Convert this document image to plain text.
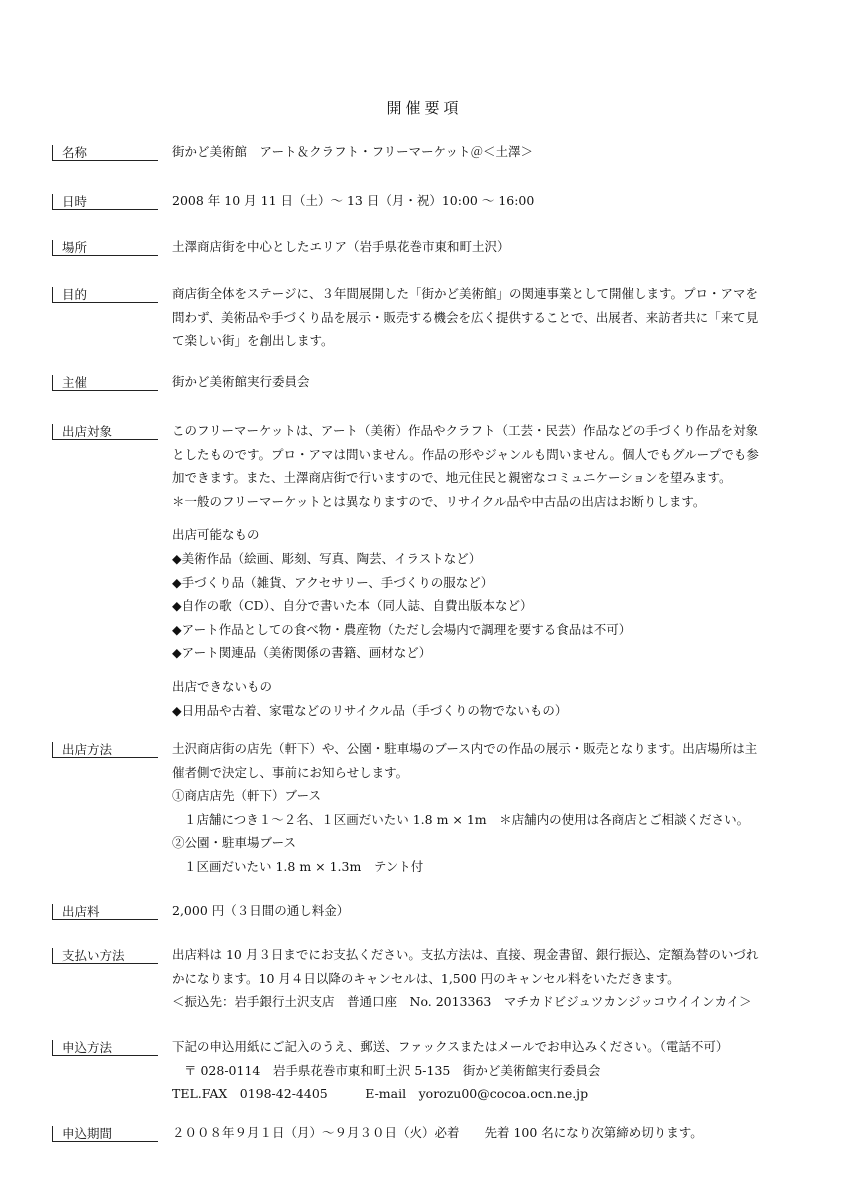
開催要項
名称	街かど美術館　アート＆クラフト・フリーマーケット＠＜土澤＞
日時	2008 年 10 月 11 日（土）～ 13 日（月・祝）10:00 ～ 16:00
場所	土澤商店街を中心としたエリア（岩手県花巻市東和町土沢）
目的	商店街全体をステージに、３年間展開した「街かど美術館」の関連事業として開催します。プロ・アマを
問わず、美術品や手づくり品を展示・販売する機会を広く提供することで、出展者、来訪者共に「来て見
て楽しい街」を創出します。
主催	街かど美術館実行委員会
出店対象	このフリーマーケットは、アート（美術）作品やクラフト（工芸・民芸）作品などの手づくり作品を対象
としたものです。プロ・アマは問いません。作品の形やジャンルも問いません。個人でもグループでも参
加できます。また、土澤商店街で行いますので、地元住民と親密なコミュニケーションを望みます。
＊一般のフリーマーケットとは異なりますので、リサイクル品や中古品の出店はお断りします。
出店可能なもの
◆美術作品（絵画、彫刻、写真、陶芸、イラストなど）
◆手づくり品（雑貨、アクセサリー、手づくりの服など）
◆自作の歌（CD）、自分で書いた本（同人誌、自費出版本など）
◆アート作品としての食べ物・農産物（ただし会場内で調理を要する食品は不可）
◆アート関連品（美術関係の書籍、画材など）
出店できないもの
◆日用品や古着、家電などのリサイクル品（手づくりの物でないもの）
出店方法	土沢商店街の店先（軒下）や、公園・駐車場のブース内での作品の展示・販売となります。出店場所は主
催者側で決定し、事前にお知らせします。
①商店店先（軒下）ブース
１店舗につき１～２名、１区画だいたい 1.8 m × 1m　＊店舗内の使用は各商店とご相談ください。
②公園・駐車場ブース
１区画だいたい 1.8 m × 1.3m　テント付
出店料	2,000 円（３日間の通し料金）
支払い方法	出店料は 10 月３日までにお支払ください。支払方法は、直接、現金書留、銀行振込、定額為替のいづれ
かになります。10 月４日以降のキャンセルは、1,500 円のキャンセル料をいただきます。
＜振込先：岩手銀行土沢支店　普通口座　No. 2013363　マチカドビジュツカンジッコウイインカイ＞
申込方法	下記の申込用紙にご記入のうえ、郵送、ファックスまたはメールでお申込みください。（電話不可）
〒 028-0114　岩手県花巻市東和町土沢 5-135　街かど美術館実行委員会
TEL.FAX　0198-42-4405　　　E-mail　yorozu00@cocoa.ocn.ne.jp
申込期間	２００８年９月１日（月）～９月３０日（火）必着　　先着 100 名になり次第締め切ります。
